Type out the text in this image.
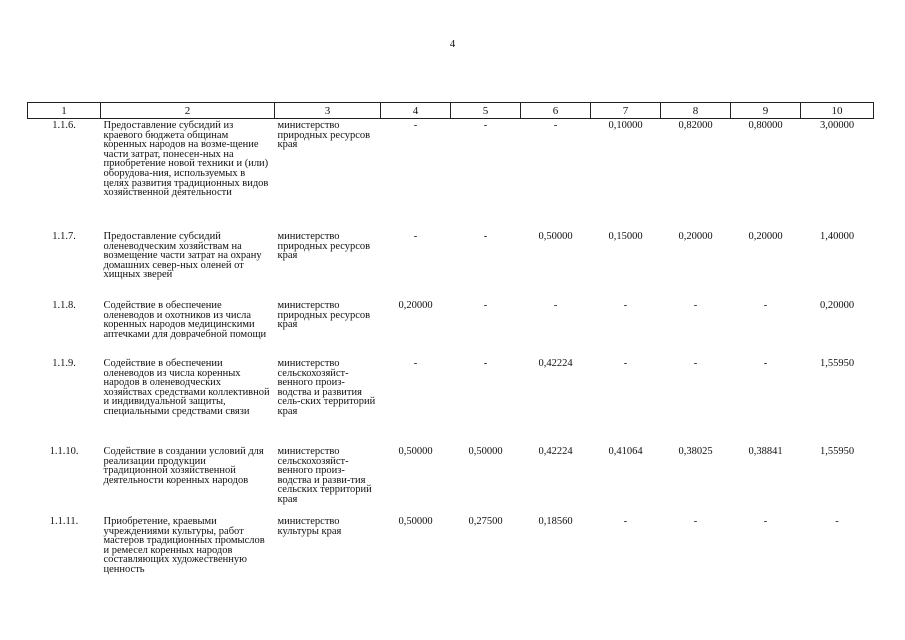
4
1	2	3	4	5	6	7	8	9	10
1.1.6.	Предоставление субсидий из краевого бюджета общинам коренных народов на возме-щение части затрат, понесен-ных на приобретение новой техники и (или) оборудова-ния, используемых в целях развития традиционных видов хозяйственной деятельности	министерство природных ресурсов края	-	-	-	0,10000	0,82000	0,80000	3,00000
1.1.7.	Предоставление субсидий оленеводческим хозяйствам на возмещение части затрат на охрану домашних север-ных оленей от хищных зверей	министерство природных ресурсов края	-	-	0,50000	0,15000	0,20000	0,20000	1,40000
1.1.8.	Содействие в обеспечение оленеводов и охотников из числа коренных народов медицинскими аптечками для доврачебной помощи	министерство природных ресурсов края	0,20000	-	-	-	-	-	0,20000
1.1.9.	Содействие в обеспечении оленеводов из числа коренных народов в оленеводческих хозяйствах средствами коллективной и индивидуальной защиты, специальными средствами связи	министерство сельскохозяйст-венного произ-водства и развития сель-ских территорий края	-	-	0,42224	-	-	-	1,55950
1.1.10.	Содействие в создании условий для реализации продукции традиционной хозяйственной деятельности коренных народов	министерство сельскохозяйст-венного произ-водства и разви-тия сельских территорий края	0,50000	0,50000	0,42224	0,41064	0,38025	0,38841	1,55950
1.1.11.	Приобретение, краевыми учреждениями культуры, работ мастеров традиционных промыслов и ремесел коренных народов составляющих художественную ценность	министерство культуры края	0,50000	0,27500	0,18560	-	-	-	-
